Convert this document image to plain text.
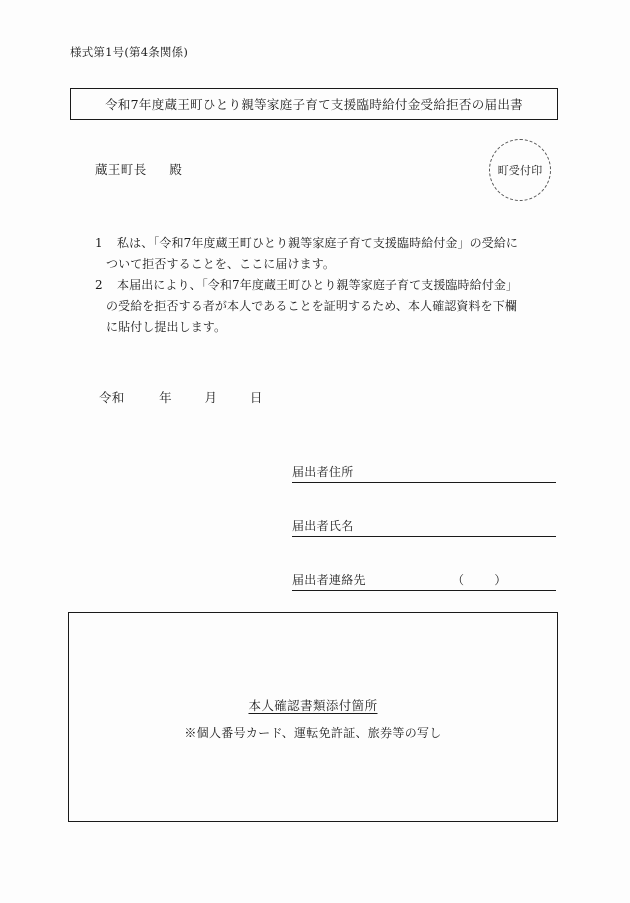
様式第1号(第4条関係)
令和7年度蔵王町ひとり親等家庭子育て支援臨時給付金受給拒否の届出書
蔵王町長 殿	町受付印
1 私は、「令和7年度蔵王町ひとり親等家庭子育て支援臨時給付金」の受給に
ついて拒否することを、ここに届けます。
2 本届出により、「令和7年度蔵王町ひとり親等家庭子育て支援臨時給付金」
の受給を拒否する者が本人であることを証明するため、本人確認資料を下欄
に貼付し提出します。
令和	年	月	日
届出者住所
届出者氏名
届出者連絡先	（	）
本人確認書類添付箇所
※個人番号カード、運転免許証、旅券等の写し
